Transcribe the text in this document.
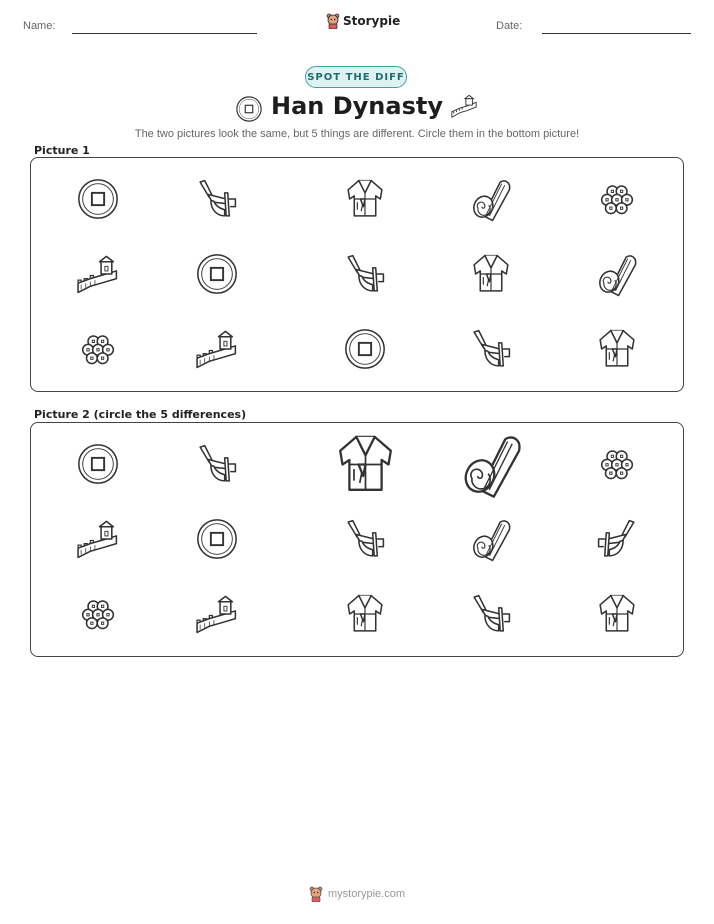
Name:	Storypie	Date:
SPOT THE DIFF
Han Dynasty
The two pictures look the same, but 5 things are different. Circle them in the bottom picture!
Picture 1
Picture 2 (circle the 5 differences)
mystorypie.com
